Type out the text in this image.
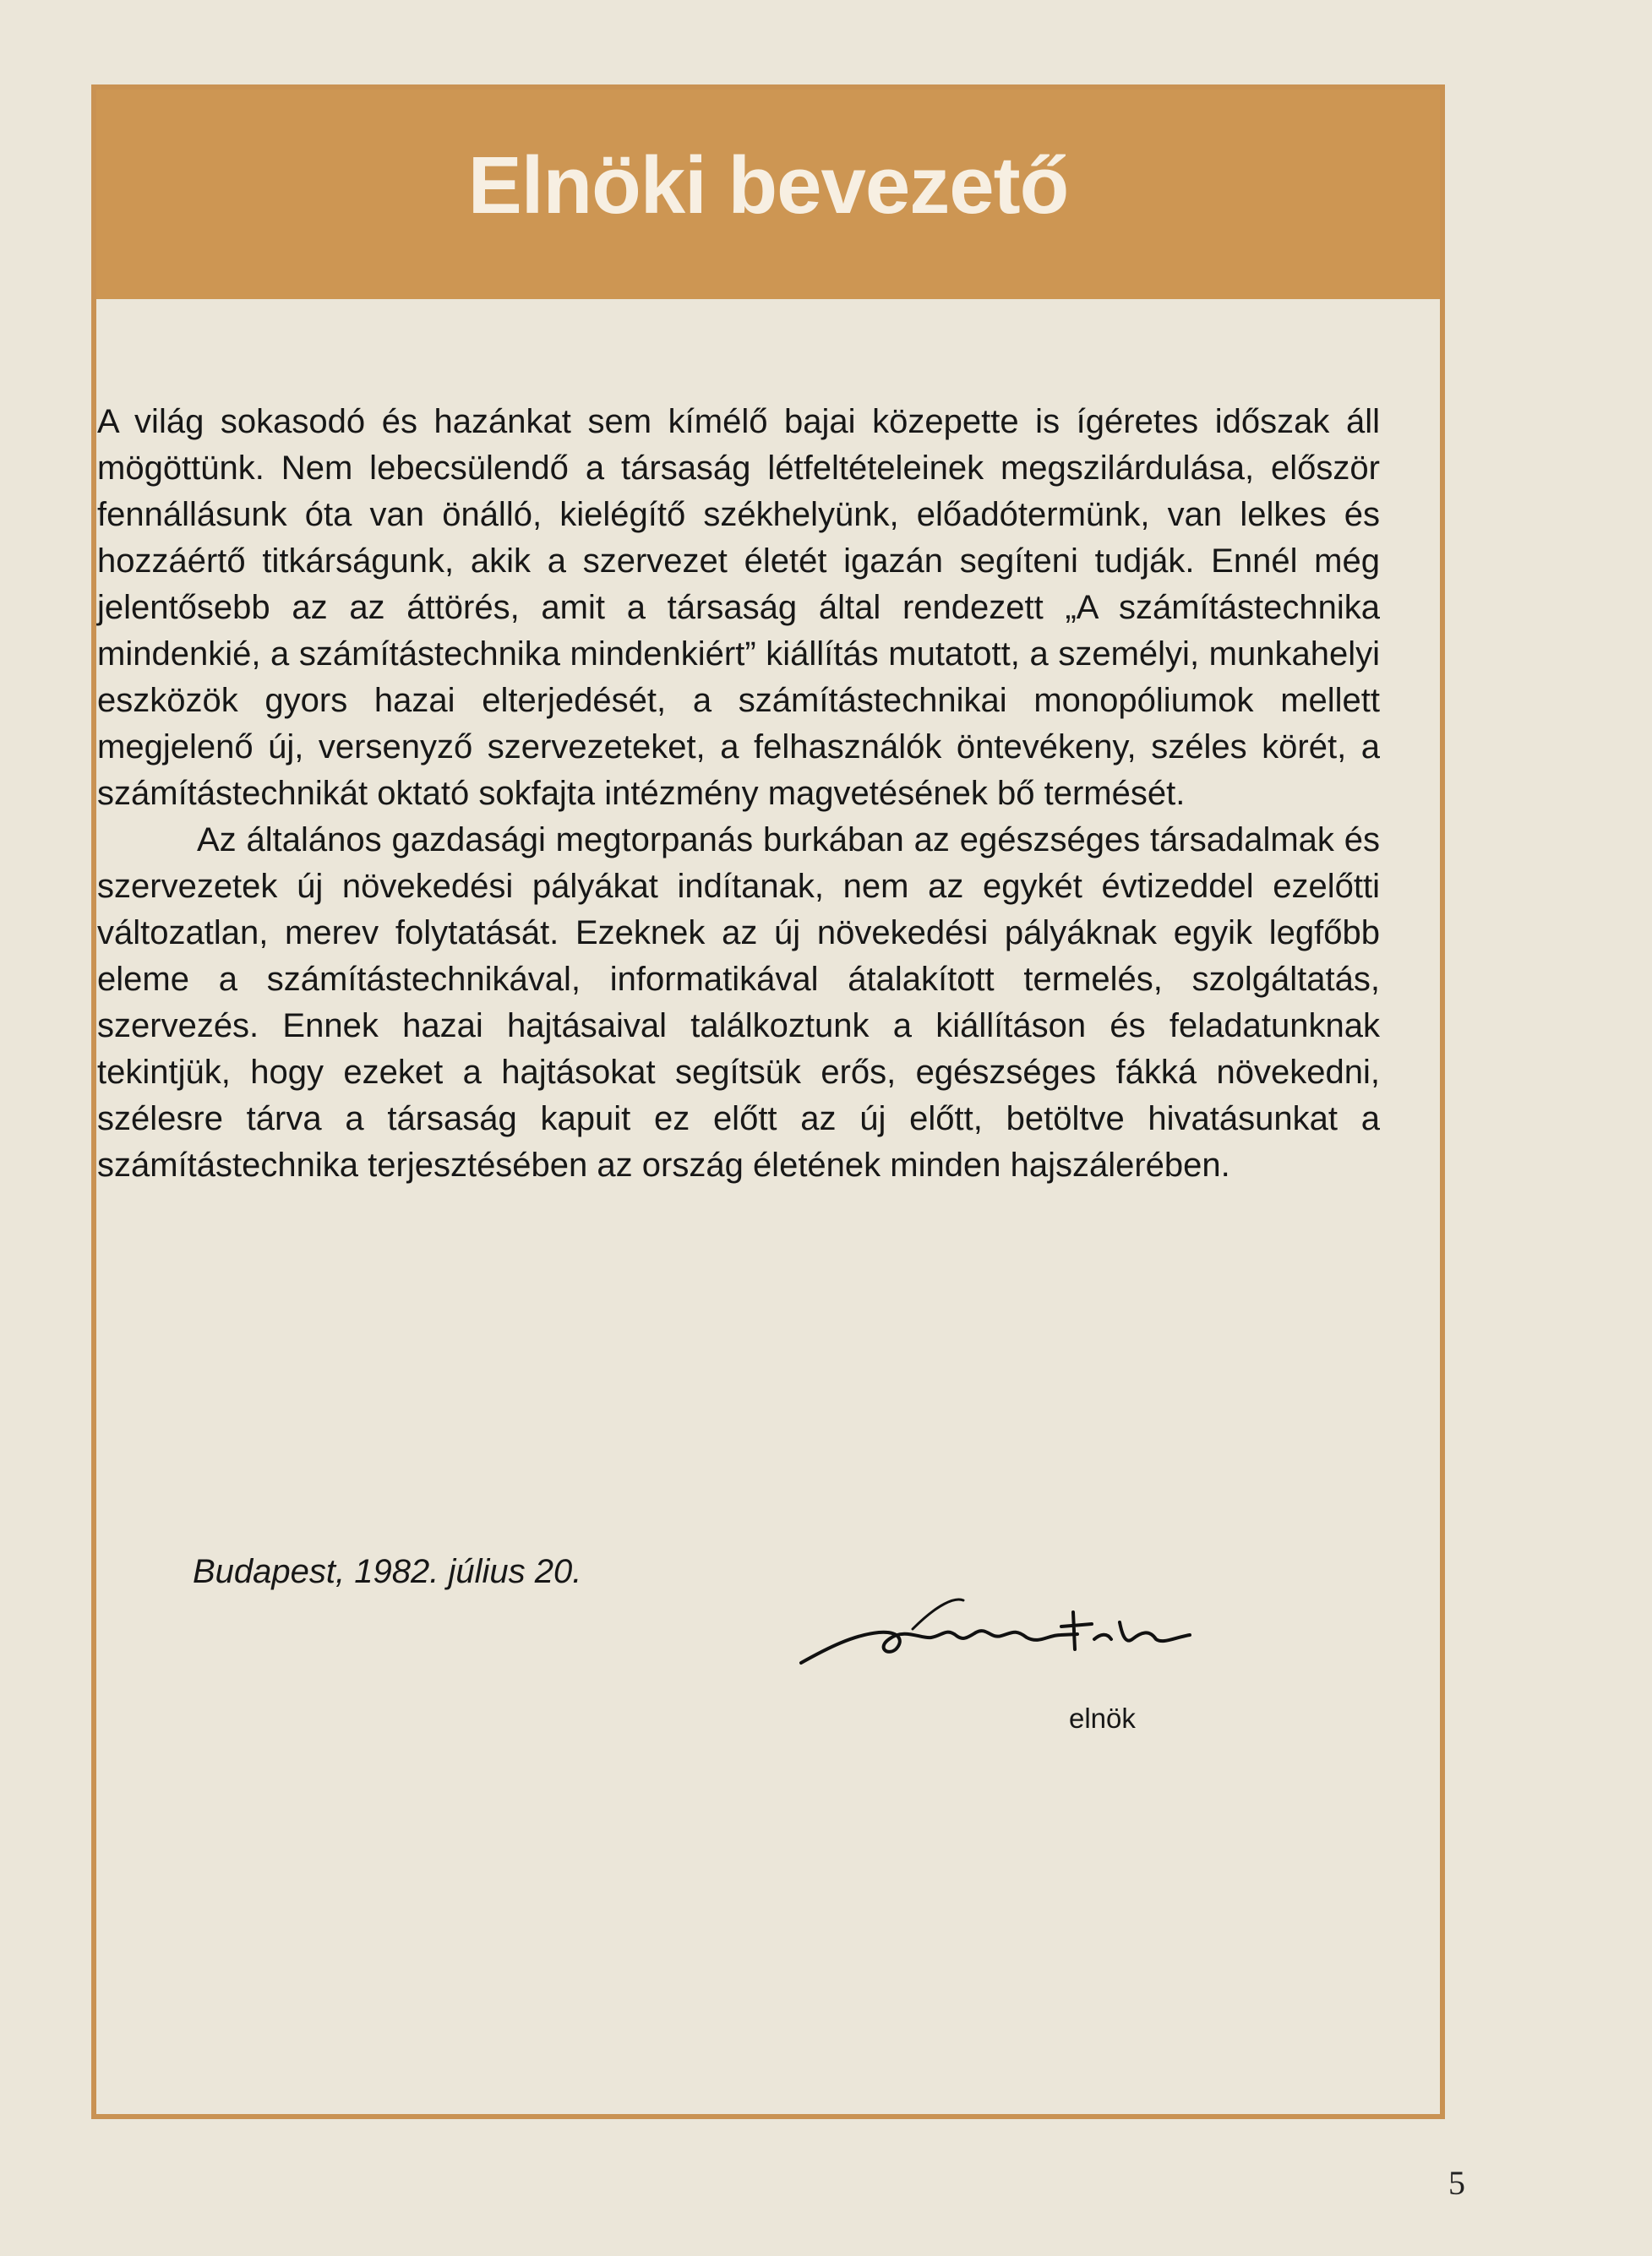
Elnöki bevezető

A világ sokasodó és hazánkat sem kímélő bajai közepette is ígéretes időszak áll mögöttünk. Nem lebecsülendő a társaság létfeltételeinek megszilárdulása, először fennállásunk óta van önálló, kielégítő székhelyünk, előadótermünk, van lelkes és hozzáértő titkárságunk, akik a szervezet életét igazán segíteni tudják. Ennél még jelentősebb az az áttörés, amit a társaság által rendezett „A számítástechnika mindenkié, a számítástechnika mindenkiért” kiállítás mutatott, a személyi, munkahelyi eszközök gyors hazai elterjedését, a számítástechnikai monopóliumok mellett megjelenő új, versenyző szervezeteket, a felhasználók öntevékeny, széles körét, a számítástechnikát oktató sokfajta intézmény magvetésének bő termését.

Az általános gazdasági megtorpanás burkában az egészséges társadalmak és szervezetek új növekedési pályákat indítanak, nem az egykét évtizeddel ezelőtti változatlan, merev folytatását. Ezeknek az új növekedési pályáknak egyik legfőbb eleme a számítástechnikával, informatikával átalakított termelés, szolgáltatás, szervezés. Ennek hazai hajtásaival találkoztunk a kiállításon és feladatunknak tekintjük, hogy ezeket a hajtásokat segítsük erős, egészséges fákká növekedni, szélesre tárva a társaság kapuit ez előtt az új előtt, betöltve hivatásunkat a számítástechnika terjesztésében az ország életének minden hajszálerében.

Budapest, 1982. július 20.
elnök
5
